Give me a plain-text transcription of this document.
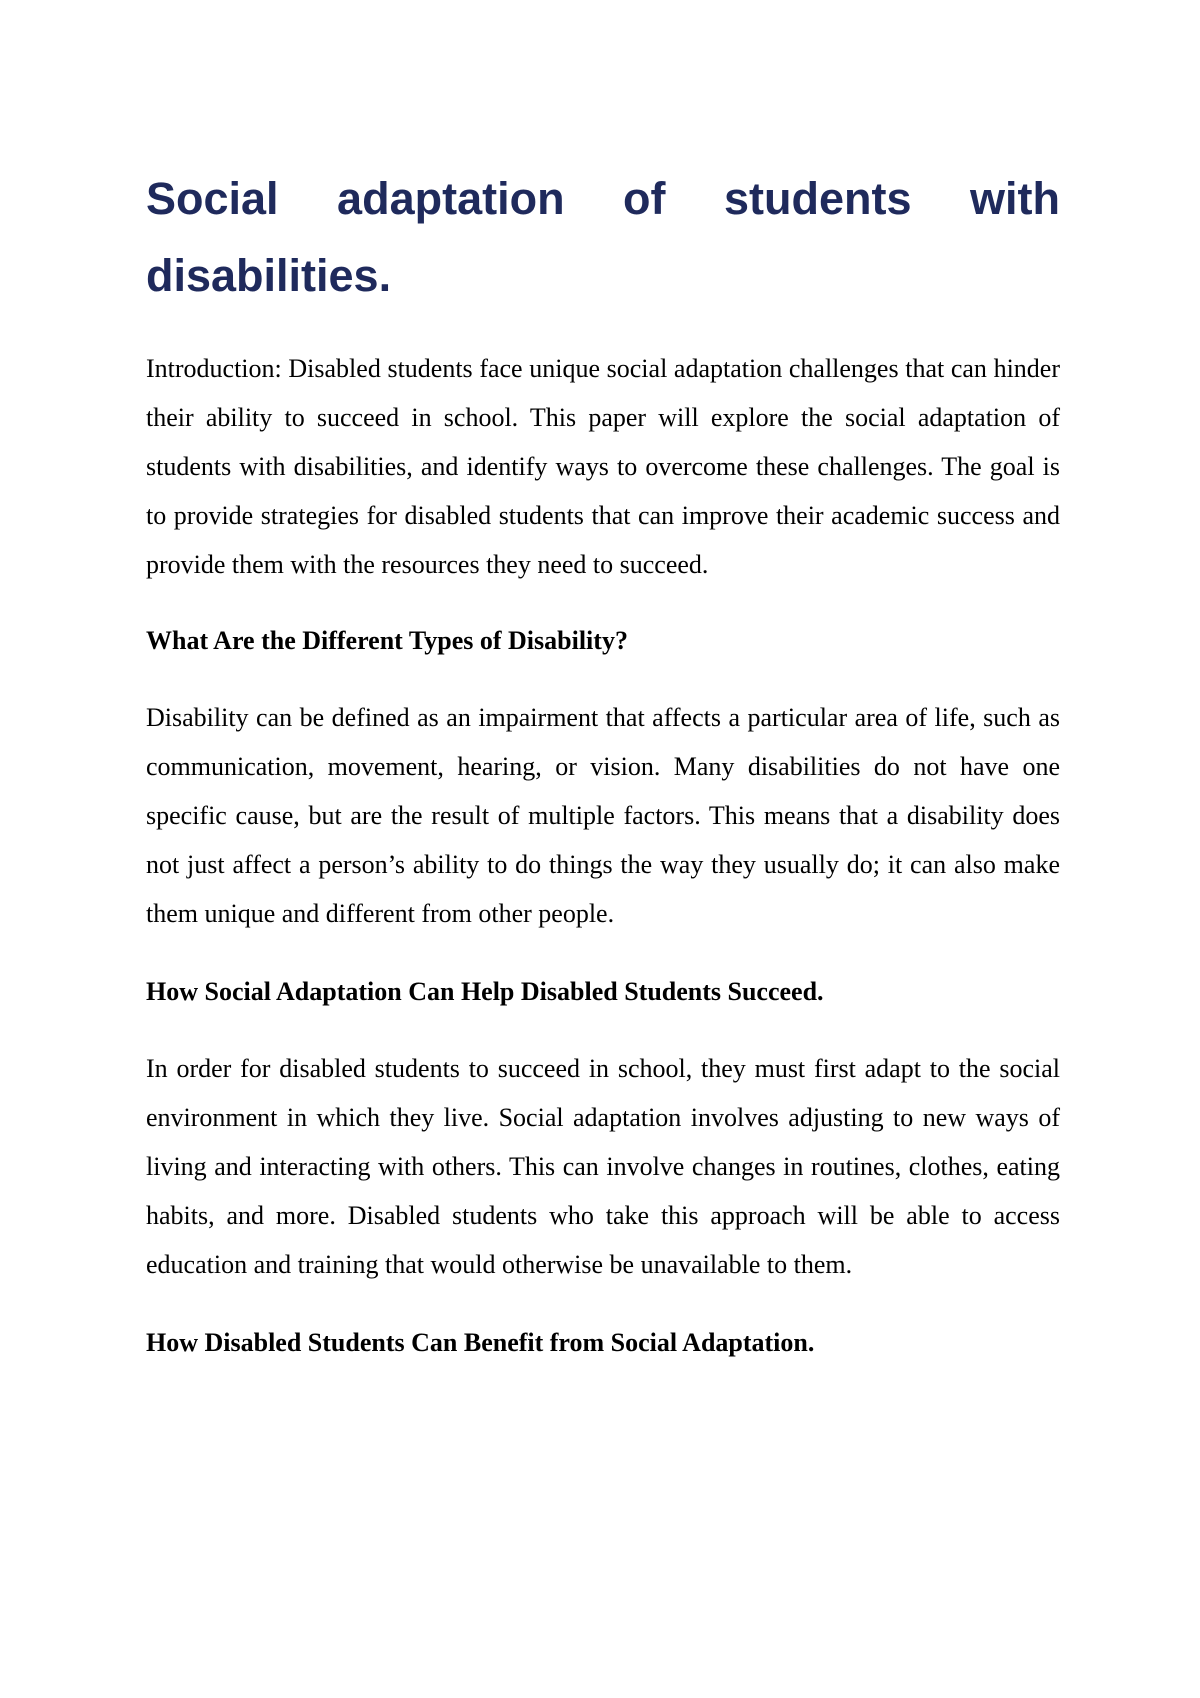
Social adaptation of students with disabilities.

Introduction: Disabled students face unique social adaptation challenges that can hinder their ability to succeed in school. This paper will explore the social adaptation of students with disabilities, and identify ways to overcome these challenges. The goal is to provide strategies for disabled students that can improve their academic success and provide them with the resources they need to succeed.

What Are the Different Types of Disability?

Disability can be defined as an impairment that affects a particular area of life, such as communication, movement, hearing, or vision. Many disabilities do not have one specific cause, but are the result of multiple factors. This means that a disability does not just affect a person’s ability to do things the way they usually do; it can also make them unique and different from other people.

How Social Adaptation Can Help Disabled Students Succeed.

In order for disabled students to succeed in school, they must first adapt to the social environment in which they live. Social adaptation involves adjusting to new ways of living and interacting with others. This can involve changes in routines, clothes, eating habits, and more. Disabled students who take this approach will be able to access education and training that would otherwise be unavailable to them.

How Disabled Students Can Benefit from Social Adaptation.
